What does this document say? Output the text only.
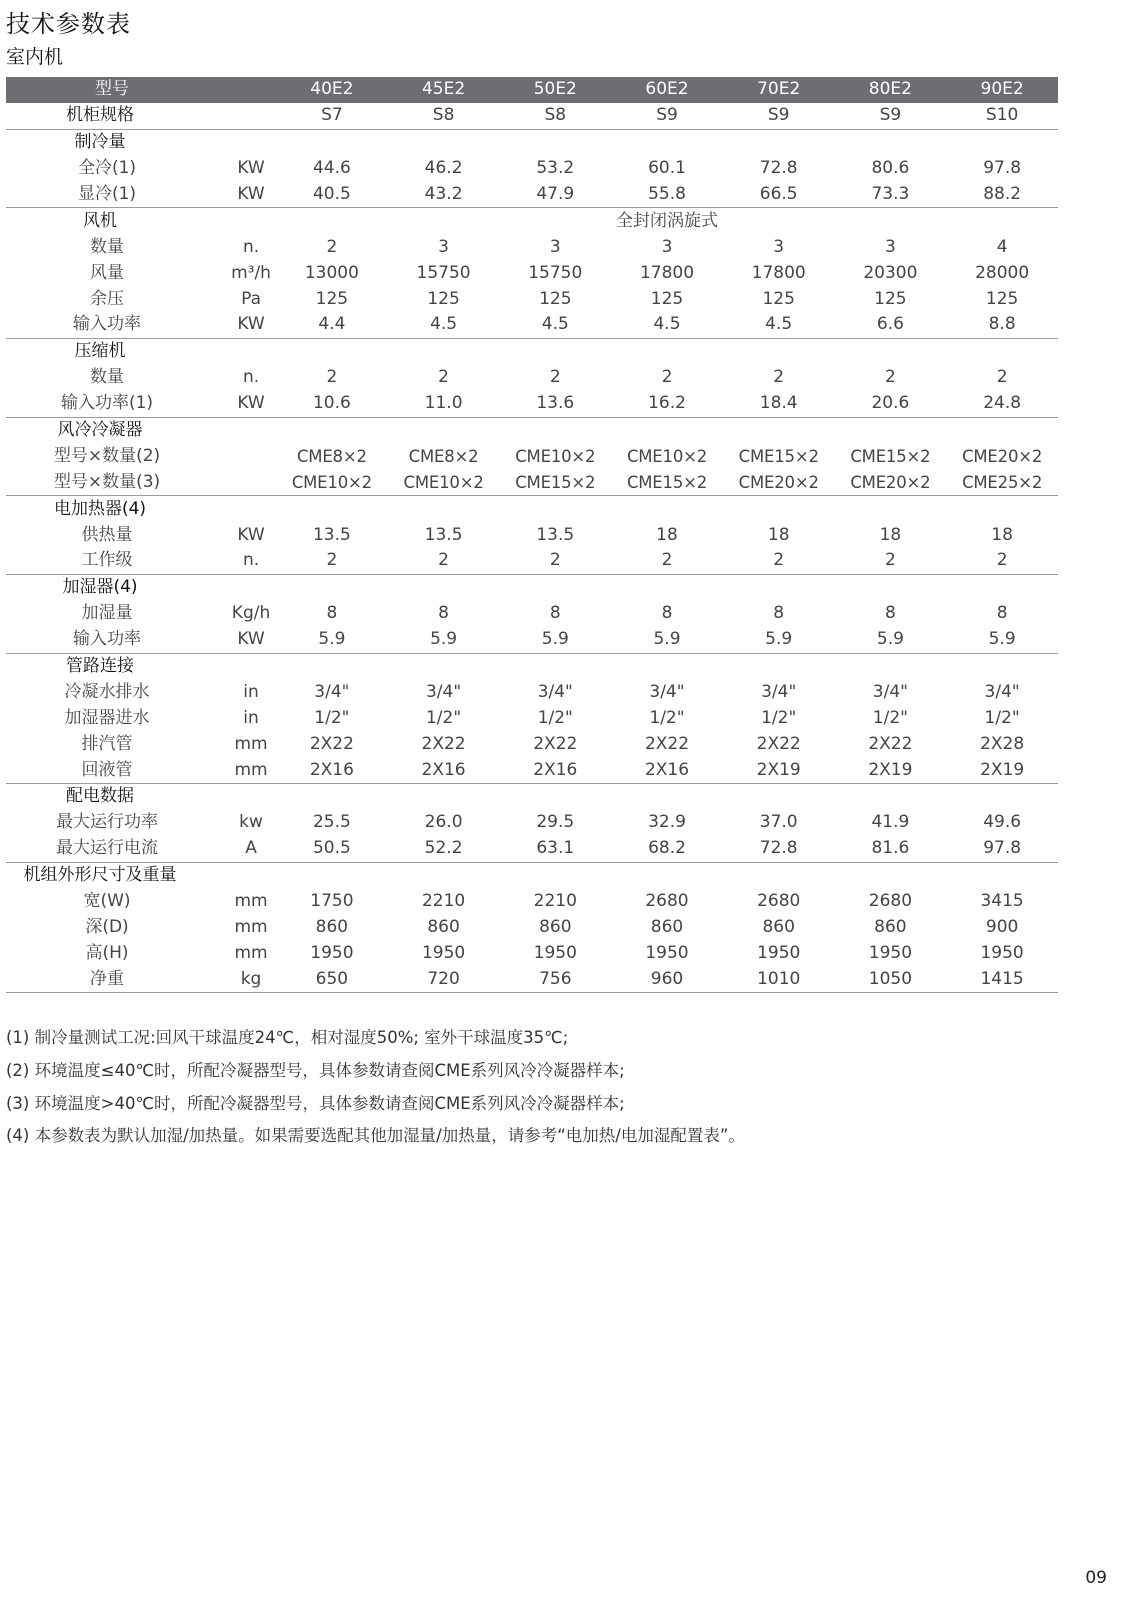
技术参数表
室内机
型号		40E2	45E2	50E2	60E2	70E2	80E2	90E2
机柜规格		S7	S8	S8	S9	S9	S9	S10
制冷量								
全冷(1)	KW	44.6	46.2	53.2	60.1	72.8	80.6	97.8
显冷(1)	KW	40.5	43.2	47.9	55.8	66.5	73.3	88.2
风机		全封闭涡旋式						
数量	n.	2	3	3	3	3	3	4
风量	m³/h	13000	15750	15750	17800	17800	20300	28000
余压	Pa	125	125	125	125	125	125	125
输入功率	KW	4.4	4.5	4.5	4.5	4.5	6.6	8.8
压缩机								
数量	n.	2	2	2	2	2	2	2
输入功率(1)	KW	10.6	11.0	13.6	16.2	18.4	20.6	24.8
风冷冷凝器								
型号×数量(2)		CME8×2	CME8×2	CME10×2	CME10×2	CME15×2	CME15×2	CME20×2
型号×数量(3)		CME10×2	CME10×2	CME15×2	CME15×2	CME20×2	CME20×2	CME25×2
电加热器(4)								
供热量	KW	13.5	13.5	13.5	18	18	18	18
工作级	n.	2	2	2	2	2	2	2
加湿器(4)								
加湿量	Kg/h	8	8	8	8	8	8	8
输入功率	KW	5.9	5.9	5.9	5.9	5.9	5.9	5.9
管路连接								
冷凝水排水	in	3/4"	3/4"	3/4"	3/4"	3/4"	3/4"	3/4"
加湿器进水	in	1/2"	1/2"	1/2"	1/2"	1/2"	1/2"	1/2"
排汽管	mm	2X22	2X22	2X22	2X22	2X22	2X22	2X28
回液管	mm	2X16	2X16	2X16	2X16	2X19	2X19	2X19
配电数据								
最大运行功率	kw	25.5	26.0	29.5	32.9	37.0	41.9	49.6
最大运行电流	A	50.5	52.2	63.1	68.2	72.8	81.6	97.8
机组外形尺寸及重量								
宽(W)	mm	1750	2210	2210	2680	2680	2680	3415
深(D)	mm	860	860	860	860	860	860	900
高(H)	mm	1950	1950	1950	1950	1950	1950	1950
净重	kg	650	720	756	960	1010	1050	1415
(1) 制冷量测试工况:回风干球温度24℃，相对湿度50%; 室外干球温度35℃;
(2) 环境温度≤40℃时，所配冷凝器型号，具体参数请查阅CME系列风冷冷凝器样本;
(3) 环境温度>40℃时，所配冷凝器型号，具体参数请查阅CME系列风冷冷凝器样本;
(4) 本参数表为默认加湿/加热量。如果需要选配其他加湿量/加热量，请参考“电加热/电加湿配置表”。
09
